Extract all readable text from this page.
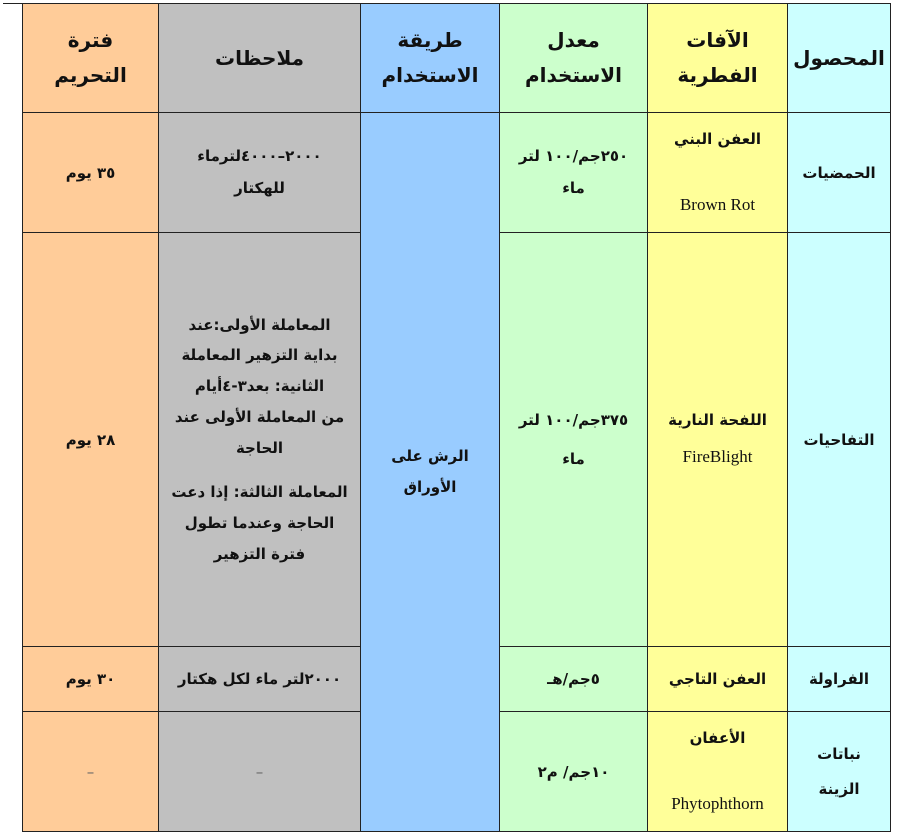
المحصول
الآفات
الفطرية
طريقة
الاستخدام
معدل
الاستخدام
ملاحظات
فترة
التحريم
الحمضيات
العفن البني
Brown Rot
٢٥٠جم/١٠٠ لتر
ماء
٢٠٠٠–٤٠٠٠لترماء
للهكتار
٣٥ يوم
الرش على
الأوراق
التفاحيات
اللفحة النارية
FireBlight
٣٧٥جم/١٠٠ لتر
ماء
المعاملة الأولى:عند
بداية التزهير المعاملة
الثانية: بعد٣-٤أيام
من المعاملة الأولى عند
الحاجة
المعاملة الثالثة: إذا دعت
الحاجة وعندما تطول
فترة التزهير
٢٨ يوم
الفراولة
العفن التاجي
٥جم/هـ
٢٠٠٠لتر ماء لكل هكتار
٣٠ يوم
نباتات
الزينة
الأعفان
Phytophthorn
١٠جم/ م٢
–
–
